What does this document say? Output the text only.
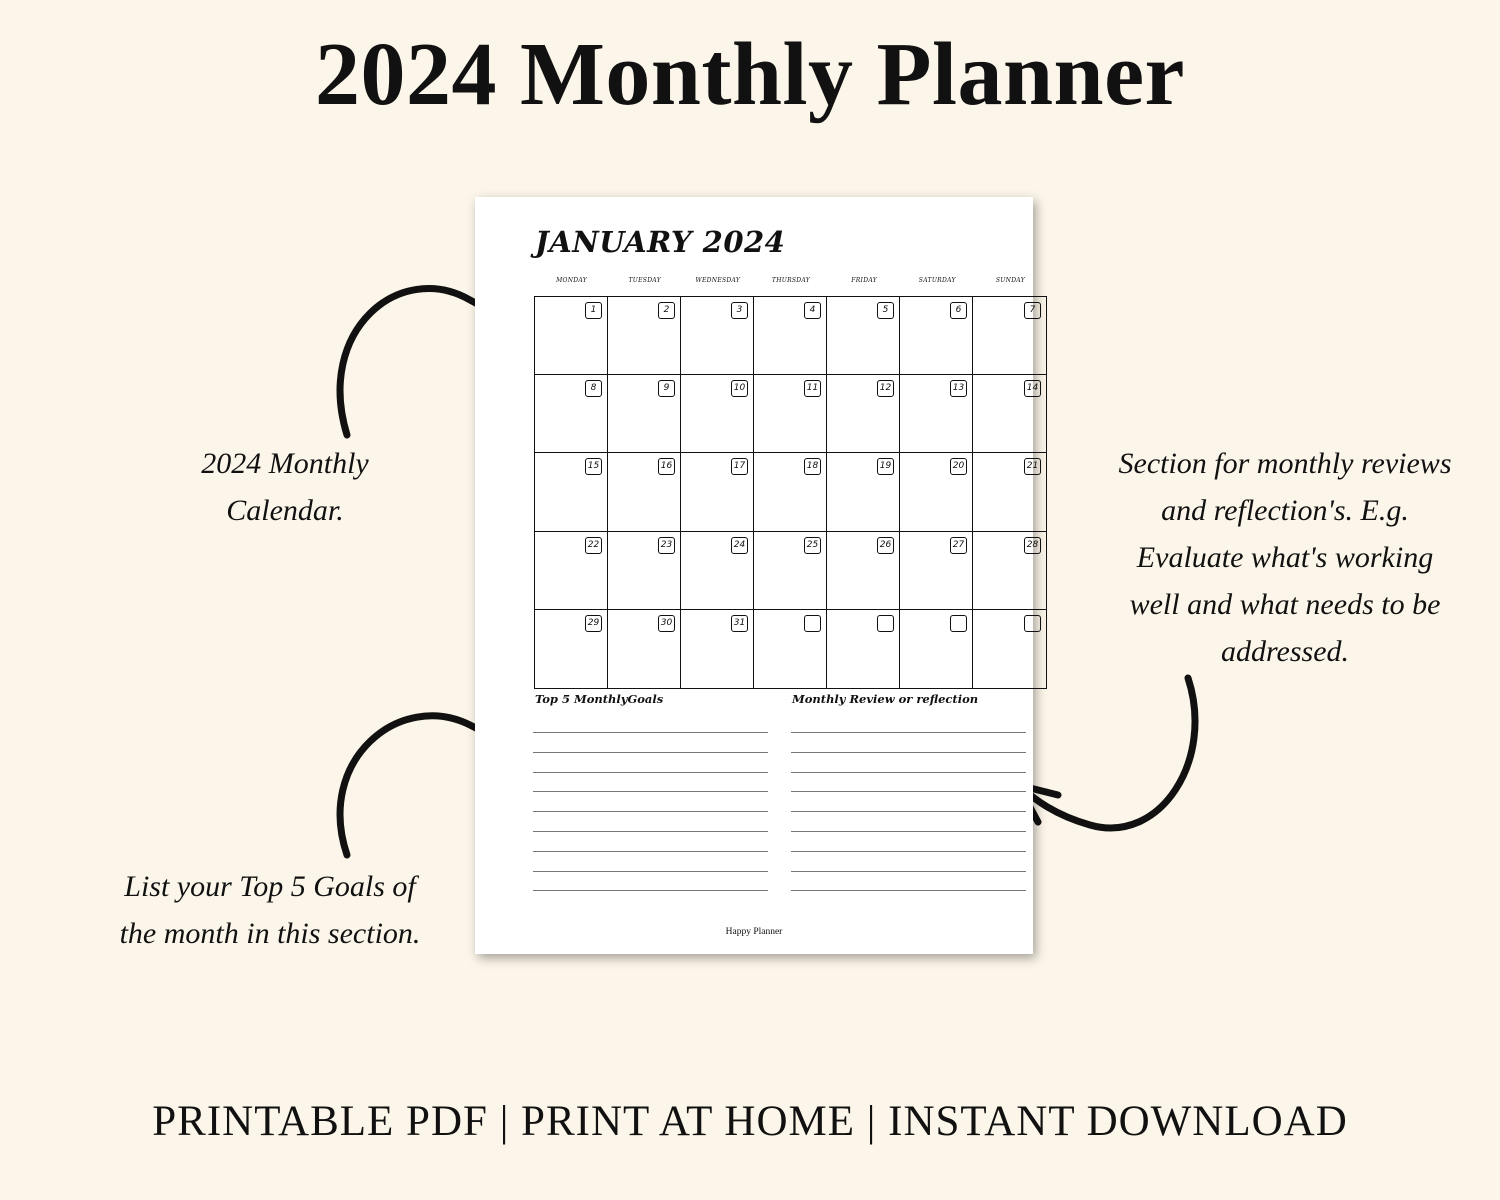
2024 Monthly Planner
2024 Monthly
Calendar.
Section for monthly reviews
and reflection's. E.g.
Evaluate what's working
well and what needs to be
addressed.
List your Top 5 Goals of
the month in this section.
JANUARY 2024
MONDAY	TUESDAY	WEDNESDAY	THURSDAY	FRIDAY	SATURDAY	SUNDAY
1	2	3	4	5	6	7
8	9	10	11	12	13	14
15	16	17	18	19	20	21
22	23	24	25	26	27	28
29	30	31
Top 5 MonthlyGoals	Monthly Review or reflection
Happy Planner
PRINTABLE PDF | PRINT AT HOME | INSTANT DOWNLOAD
